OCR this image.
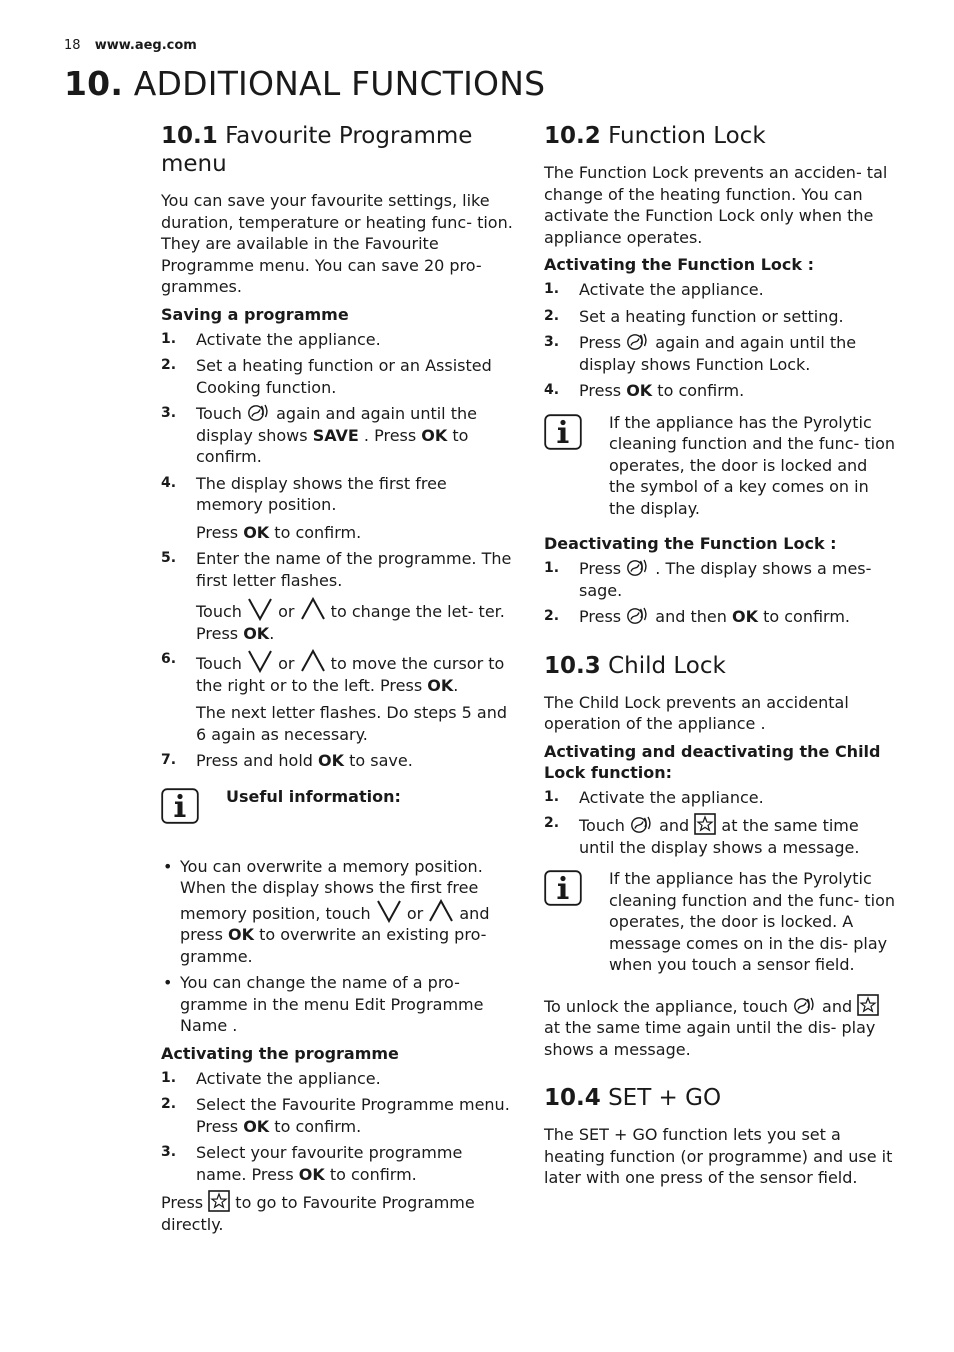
18 www.aeg.com
10. ADDITIONAL FUNCTIONS
10.1 Favourite Programme menu

You can save your favourite settings, like duration, temperature or heating func- tion. They are available in the Favourite Programme menu. You can save 20 pro- grammes.

Saving a programme
1. Activate the appliance.
2. Set a heating function or an Assisted Cooking function.
3. Touch again and again until the display shows SAVE . Press OK to confirm.
4. The display shows the first free memory position.
Press OK to confirm.
5. Enter the name of the programme. The first letter flashes.
Touch or to change the let- ter. Press OK.
6. Touch or to move the cursor to the right or to the left. Press OK.
The next letter flashes. Do steps 5 and 6 again as necessary.
7. Press and hold OK to save.

Useful information:

• You can overwrite a memory position. When the display shows the first free memory position, touch or and press OK to overwrite an existing pro- gramme.
• You can change the name of a pro- gramme in the menu Edit Programme Name .
Activating the programme
1. Activate the appliance.
2. Select the Favourite Programme menu. Press OK to confirm.
3. Select your favourite programme name. Press OK to confirm.

Press to go to Favourite Programme directly.

10.2 Function Lock

The Function Lock prevents an acciden- tal change of the heating function. You can activate the Function Lock only when the appliance operates.

Activating the Function Lock :
1. Activate the appliance.
2. Set a heating function or setting.
3. Press again and again until the display shows Function Lock.
4. Press OK to confirm.

If the appliance has the Pyrolytic cleaning function and the func- tion operates, the door is locked and the symbol of a key comes on in the display.

Deactivating the Function Lock :
1. Press . The display shows a mes- sage.
2. Press and then OK to confirm.
10.3 Child Lock

The Child Lock prevents an accidental operation of the appliance .

Activating and deactivating the Child Lock function:
1. Activate the appliance.
2. Touch and at the same time until the display shows a message.

If the appliance has the Pyrolytic cleaning function and the func- tion operates, the door is locked. A message comes on in the dis- play when you touch a sensor field.

To unlock the appliance, touch and  at the same time again until the dis- play shows a message.

10.4 SET + GO

The SET + GO function lets you set a heating function (or programme) and use it later with one press of the sensor field.
